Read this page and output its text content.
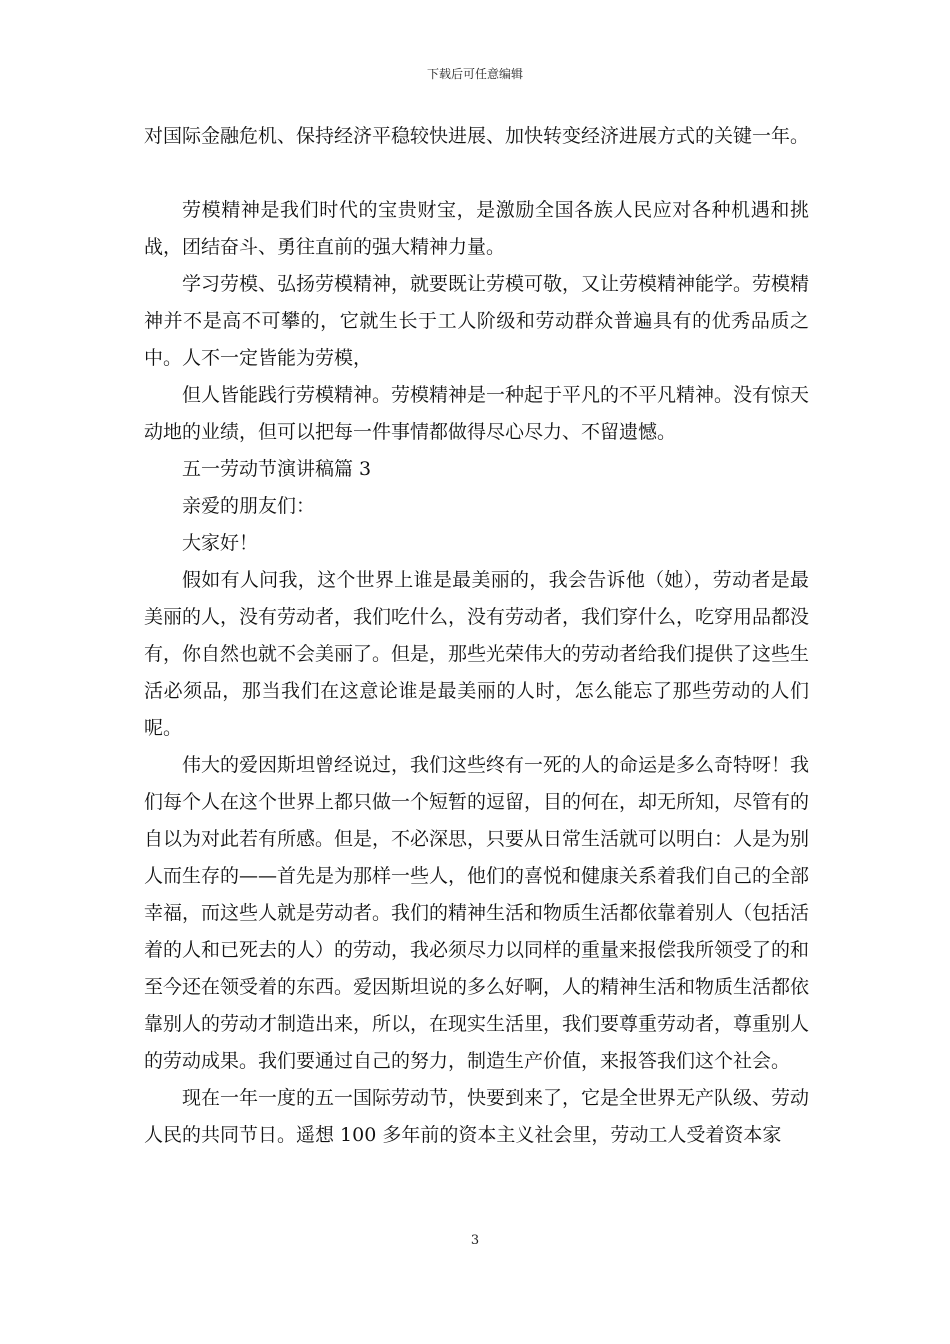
下载后可任意编辑

对国际金融危机、保持经济平稳较快进展、加快转变经济进展方式的关键一年。

劳模精神是我们时代的宝贵财宝，是激励全国各族人民应对各种机遇和挑战，团结奋斗、勇往直前的强大精神力量。

学习劳模、弘扬劳模精神，就要既让劳模可敬，又让劳模精神能学。劳模精神并不是高不可攀的，它就生长于工人阶级和劳动群众普遍具有的优秀品质之中。人不一定皆能为劳模，

但人皆能践行劳模精神。劳模精神是一种起于平凡的不平凡精神。没有惊天动地的业绩，但可以把每一件事情都做得尽心尽力、不留遗憾。

五一劳动节演讲稿篇 3

亲爱的朋友们：

大家好！

假如有人问我，这个世界上谁是最美丽的，我会告诉他（她），劳动者是最美丽的人，没有劳动者，我们吃什么，没有劳动者，我们穿什么，吃穿用品都没有，你自然也就不会美丽了。但是，那些光荣伟大的劳动者给我们提供了这些生活必须品，那当我们在这意论谁是最美丽的人时，怎么能忘了那些劳动的人们呢。

伟大的爱因斯坦曾经说过，我们这些终有一死的人的命运是多么奇特呀！我们每个人在这个世界上都只做一个短暂的逗留，目的何在，却无所知，尽管有的自以为对此若有所感。但是，不必深思，只要从日常生活就可以明白：人是为别人而生存的——首先是为那样一些人，他们的喜悦和健康关系着我们自己的全部幸福，而这些人就是劳动者。我们的精神生活和物质生活都依靠着别人（包括活着的人和已死去的人）的劳动，我必须尽力以同样的重量来报偿我所领受了的和至今还在领受着的东西。爱因斯坦说的多么好啊，人的精神生活和物质生活都依靠别人的劳动才制造出来，所以，在现实生活里，我们要尊重劳动者，尊重别人的劳动成果。我们要通过自己的努力，制造生产价值，来报答我们这个社会。

现在一年一度的五一国际劳动节，快要到来了，它是全世界无产队级、劳动人民的共同节日。遥想 100 多年前的资本主义社会里，劳动工人受着资本家

3
